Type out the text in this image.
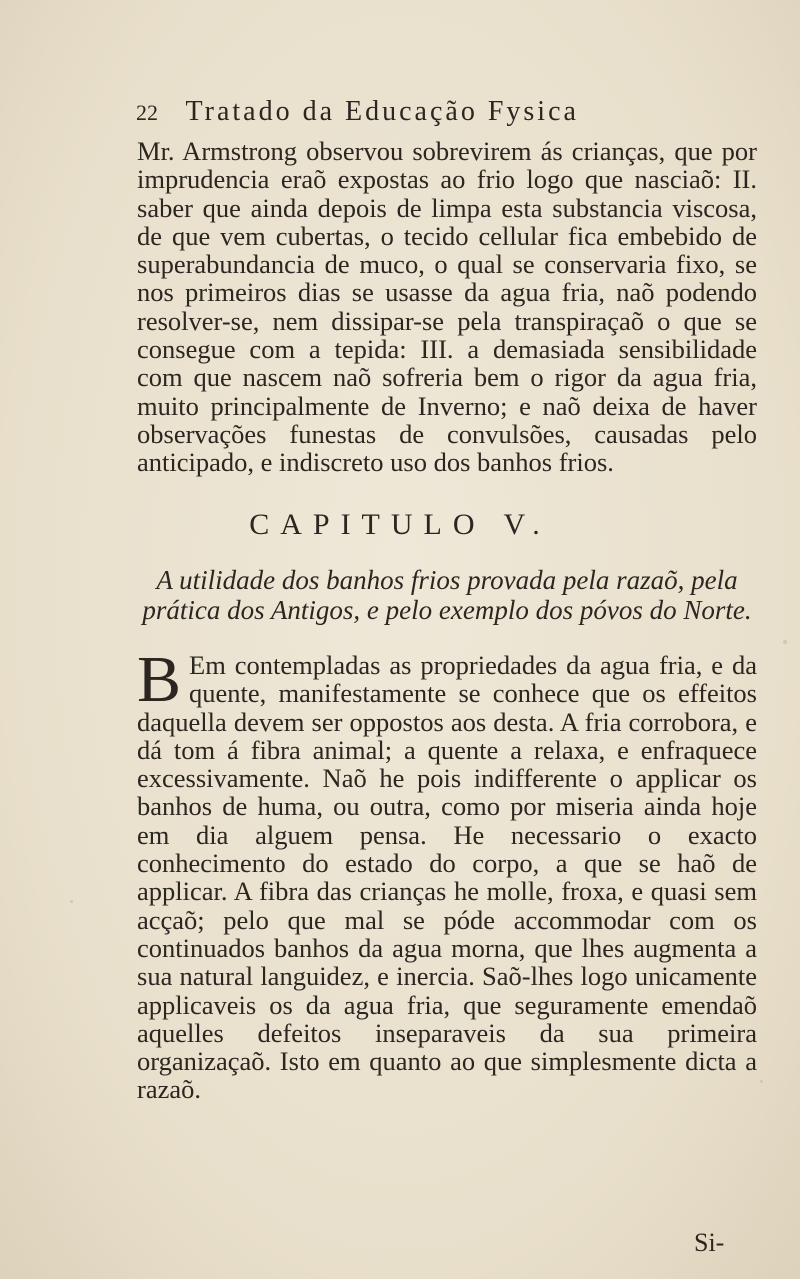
22 Tratado da Educação Fysica
Mr. Armstrong observou sobrevirem ás crianças, que por imprudencia eraõ expostas ao frio logo que nasciaõ: II. saber que ainda depois de limpa esta substancia viscosa, de que vem cubertas, o tecido cellular fica embebido de superabundancia de muco, o qual se conservaria fixo, se nos primeiros dias se usasse da agua fria, naõ podendo resolver-se, nem dissipar-se pela transpiraçaõ o que se consegue com a tepida: III. a demasiada sensibilidade com que nascem naõ sofreria bem o rigor da agua fria, muito principalmente de Inverno; e naõ deixa de haver observações funestas de convulsões, causadas pelo anticipado, e indiscreto uso dos banhos frios.
CAPITULO V.
A utilidade dos banhos frios provada pela razaõ, pela prática dos Antigos, e pelo exemplo dos póvos do Norte.
B Em contempladas as propriedades da agua fria, e da quente, manifestamente se conhece que os effeitos daquella devem ser oppostos aos desta. A fria corrobora, e dá tom á fibra animal; a quente a relaxa, e enfraquece excessivamente. Naõ he pois indifferente o applicar os banhos de huma, ou outra, como por miseria ainda hoje em dia alguem pensa. He necessario o exacto conhecimento do estado do corpo, a que se haõ de applicar. A fibra das crianças he molle, froxa, e quasi sem acçaõ; pelo que mal se póde accommodar com os continuados banhos da agua morna, que lhes augmenta a sua natural languidez, e inercia. Saõ-lhes logo unicamente applicaveis os da agua fria, que seguramente emendaõ aquelles defeitos inseparaveis da sua primeira organizaçaõ. Isto em quanto ao que simplesmente dicta a razaõ.
Si-
